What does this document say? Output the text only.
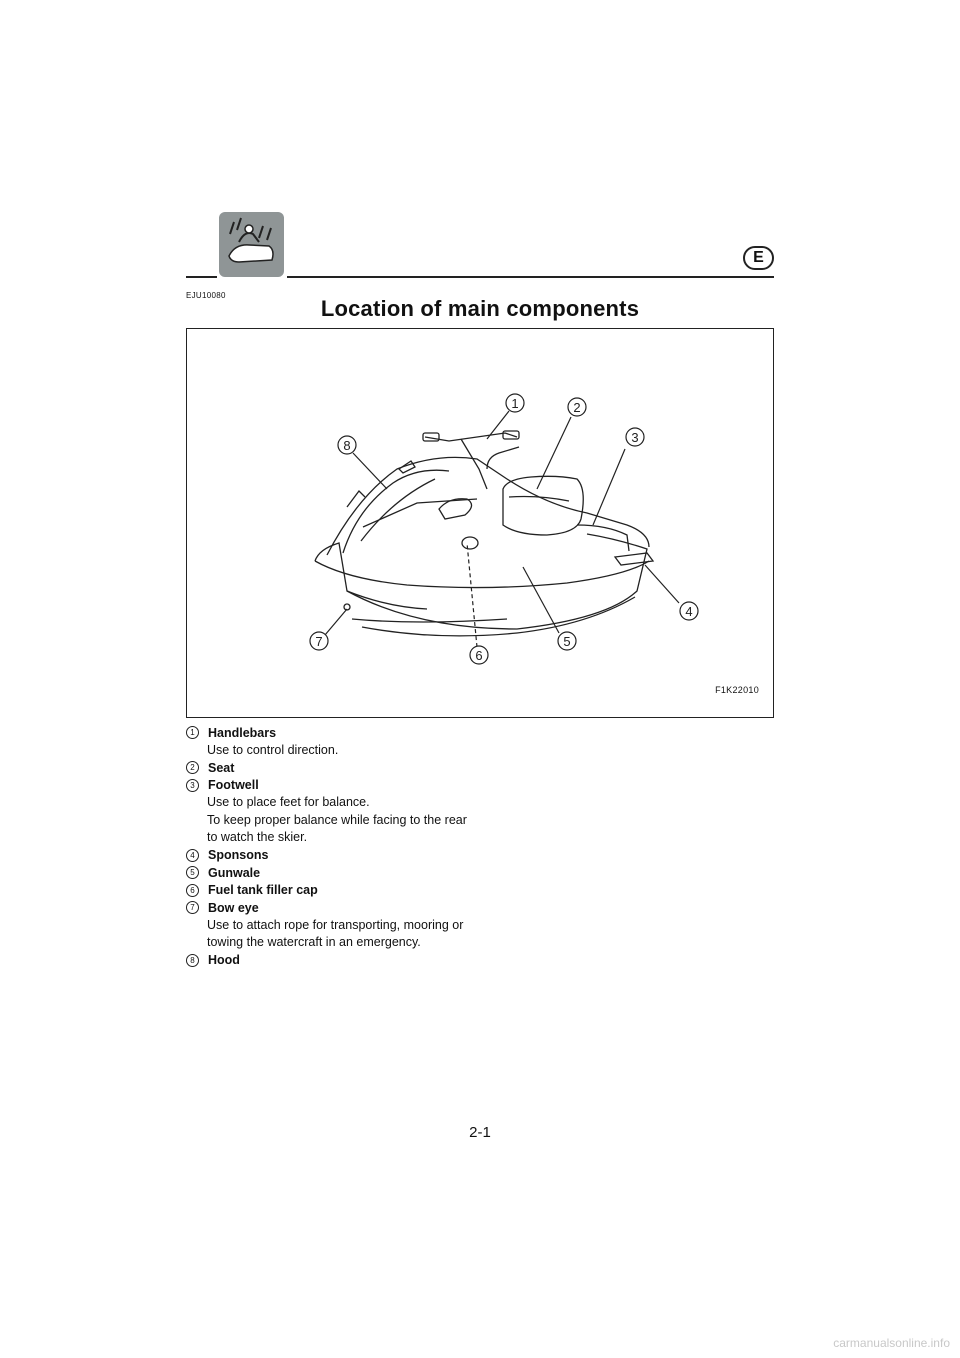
E
EJU10080
Location of main components
1	2
3
4
5
6
7
8
F1K22010
1	Handlebars
Use to control direction.
2	Seat
3	Footwell
Use to place feet for balance.
To keep proper balance while facing to the rear
to watch the skier.
4	Sponsons
5	Gunwale
6	Fuel tank filler cap
7	Bow eye
Use to attach rope for transporting, mooring or
towing the watercraft in an emergency.
8	Hood
2-1
carmanualsonline.info
